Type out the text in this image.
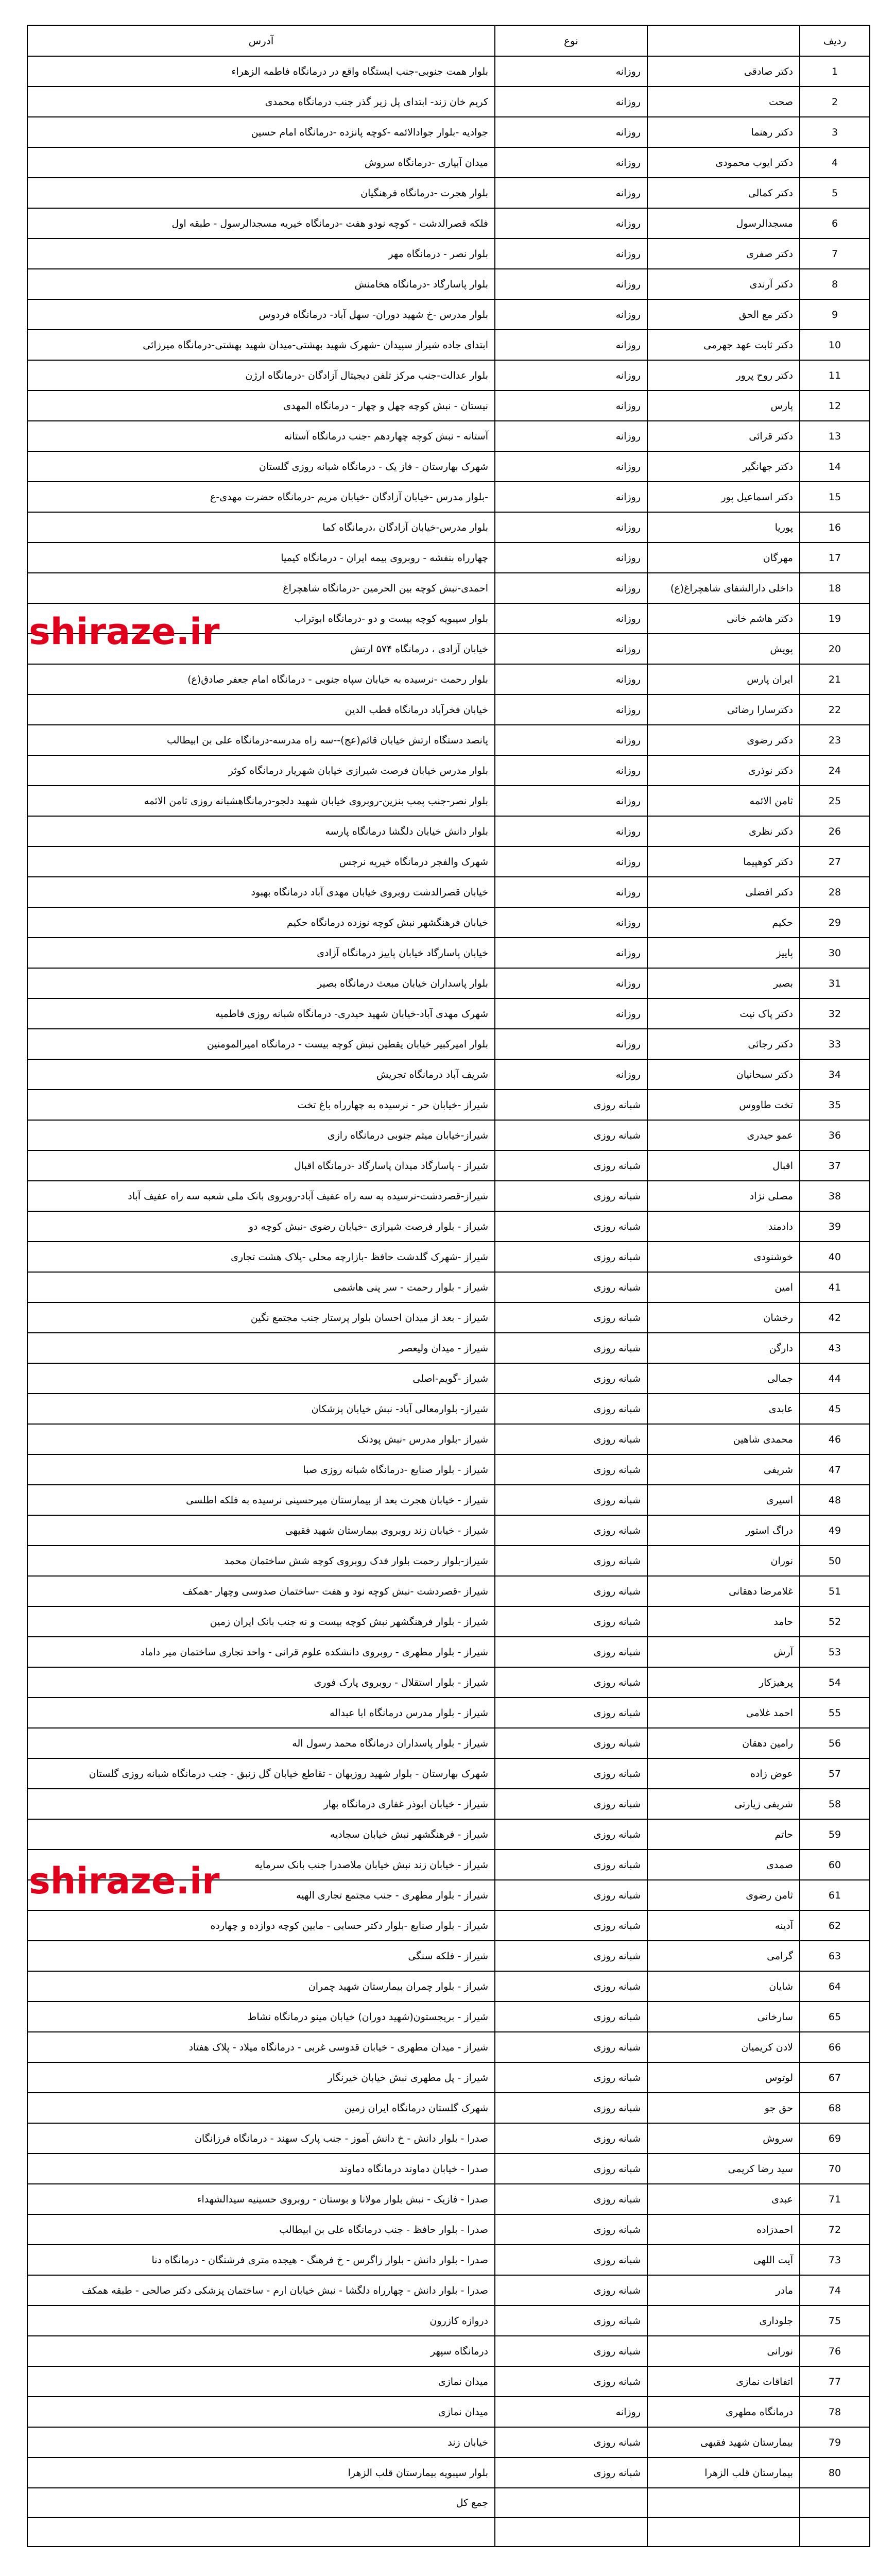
ردیف		نوع	آدرس
1	دکتر صادقی	روزانه	بلوار همت جنوبی-جنب ایستگاه واقع در درمانگاه فاطمه الزهراء
2	صحت	روزانه	کریم خان زند- ابتدای پل زیر گذر جنب درمانگاه محمدی
3	دکتر رهنما	روزانه	جوادیه -بلوار جوادالائمه -کوچه پانزده -درمانگاه امام حسین
4	دکتر ایوب محمودی	روزانه	میدان آبیاری -درمانگاه سروش
5	دکتر کمالی	روزانه	بلوار هجرت -درمانگاه فرهنگیان
6	مسجدالرسول	روزانه	فلکه قصرالدشت - کوچه نودو هفت -درمانگاه خیریه مسجدالرسول - طبقه اول
7	دکتر صفری	روزانه	بلوار نصر - درمانگاه مهر
8	دکتر آرندی	روزانه	بلوار پاسارگاد -درمانگاه هخامنش
9	دکتر مع الحق	روزانه	بلوار مدرس -خ شهید دوران- سهل آباد- درمانگاه فردوس
10	دکتر ثابت عهد جهرمی	روزانه	ابتدای جاده شیراز سپیدان -شهرک شهید بهشتی-میدان شهید بهشتی-درمانگاه میرزائی
11	دکتر روح پرور	روزانه	بلوار عدالت-جنب مرکز تلفن دیجیتال آزادگان -درمانگاه ارژن
12	پارس	روزانه	نیستان - نبش کوچه چهل و چهار - درمانگاه المهدی
13	دکتر قرائی	روزانه	آستانه - نبش کوچه چهاردهم -جنب درمانگاه آستانه
14	دکتر جهانگیر	روزانه	شهرک بهارستان - فاز یک - درمانگاه شبانه روزی گلستان
15	دکتر اسماعیل پور	روزانه	-بلوار مدرس -خیابان آزادگان -خیابان مریم -درمانگاه حضرت مهدی-ع
16	پوریا	روزانه	بلوار مدرس-خیابان آزادگان ،درمانگاه کما
17	مهرگان	روزانه	چهارراه بنفشه - روبروی بیمه ایران - درمانگاه کیمیا
18	داخلی دارالشفای شاهچراغ(ع)	روزانه	احمدی-نبش کوچه بین الحرمین -درمانگاه شاهچراغ
19	دکتر هاشم خانی	روزانه	بلوار سیبویه کوچه بیست و دو -درمانگاه ابوتراب
20	پویش	روزانه	خیابان آزادی ، درمانگاه ۵۷۴ ارتش
21	ایران پارس	روزانه	بلوار رحمت -نرسیده به خیابان سپاه جنوبی - درمانگاه امام جعفر صادق(ع)
22	دکترسارا رضائی	روزانه	خیابان فخرآباد درمانگاه قطب الدین
23	دکتر رضوی	روزانه	پانصد دستگاه ارتش خیابان قائم(عج)--سه راه مدرسه-درمانگاه علی بن ابیطالب
24	دکتر نوذری	روزانه	بلوار مدرس خیابان فرصت شیرازی خیابان شهریار درمانگاه کوثر
25	ثامن الائمه	روزانه	بلوار نصر-جنب پمپ بنزین-روبروی خیابان شهید دلجو-درمانگاهشبانه روزی ثامن الائمه
26	دکتر نظری	روزانه	بلوار دانش خیابان دلگشا درمانگاه پارسه
27	دکتر کوهپیما	روزانه	شهرک والفجر درمانگاه خیریه نرجس
28	دکتر افضلی	روزانه	خیابان قصرالدشت روبروی خیابان مهدی آباد درمانگاه بهبود
29	حکیم	روزانه	خیابان فرهنگشهر نبش کوچه نوزده درمانگاه حکیم
30	پاییز	روزانه	خیابان پاسارگاد خیابان پاییز درمانگاه آزادی
31	بصیر	روزانه	بلوار پاسداران خیابان مبعث درمانگاه بصیر
32	دکتر پاک نیت	روزانه	شهرک مهدی آباد-خیابان شهید حیدری- درمانگاه شبانه روزی فاطمیه
33	دکتر رجائی	روزانه	بلوار امیرکبیر خیابان یقطین نبش کوچه بیست - درمانگاه امیرالمومنین
34	دکتر سبحانیان	روزانه	شریف آباد درمانگاه تجریش
35	تخت طاووس	شبانه روزی	شیراز -خیابان حر - نرسیده به چهارراه باغ تخت
36	عمو حیدری	شبانه روزی	شیراز-خیابان میثم جنوبی درمانگاه رازی
37	اقبال	شبانه روزی	شیراز - پاسارگاد میدان پاسارگاد -درمانگاه اقبال
38	مصلی نژاد	شبانه روزی	شیراز-قصردشت-نرسیده به سه راه عفیف آباد-روبروی بانک ملی شعبه سه راه عفیف آباد
39	دادمند	شبانه روزی	شیراز - بلوار فرصت شیرازی -خیابان رضوی -نبش کوچه دو
40	خوشنودی	شبانه روزی	شیراز -شهرک گلدشت حافظ -بازارچه محلی -پلاک هشت تجاری
41	امین	شبانه روزی	شیراز - بلوار رحمت - سر پنی هاشمی
42	رخشان	شبانه روزی	شیراز - بعد از میدان احسان بلوار پرستار جنب مجتمع نگین
43	دارگن	شبانه روزی	شیراز - میدان ولیعصر
44	جمالی	شبانه روزی	شیراز -گویم-اصلی
45	عابدی	شبانه روزی	شیراز- بلوارمعالی آباد- نبش خیابان پزشکان
46	محمدی شاهین	شبانه روزی	شیراز -بلوار مدرس -نبش پودنک
47	شریفی	شبانه روزی	شیراز - بلوار صنایع -درمانگاه شبانه روزی صبا
48	اسیری	شبانه روزی	شیراز - خیابان هجرت بعد از بیمارستان میرحسینی نرسیده به فلکه اطلسی
49	دراگ استور	شبانه روزی	شیراز - خیابان زند روبروی بیمارستان شهید فقیهی
50	نوران	شبانه روزی	شیراز-بلوار رحمت بلوار فدک روبروی کوچه شش ساختمان محمد
51	غلامرضا دهقانی	شبانه روزی	شیراز -قصردشت -نبش کوچه نود و هفت -ساختمان صدوسی وچهار -همکف
52	حامد	شبانه روزی	شیراز - بلوار فرهنگشهر نبش کوچه بیست و نه جنب بانک ایران زمین
53	آرش	شبانه روزی	شیراز - بلوار مطهری - روبروی دانشکده علوم قرانی - واحد تجاری ساختمان میر داماد
54	پرهیزکار	شبانه روزی	شیراز - بلوار استقلال - روبروی پارک فوری
55	احمد غلامی	شبانه روزی	شیراز - بلوار مدرس درمانگاه ابا عبداله
56	رامین دهقان	شبانه روزی	شیراز - بلوار پاسداران درمانگاه محمد رسول اله
57	عوض زاده	شبانه روزی	شهرک بهارستان - بلوار شهید روزبهان - تقاطع خیابان گل زنبق - جنب درمانگاه شبانه روزی گلستان
58	شریفی زیارتی	شبانه روزی	شیراز - خیابان ابوذر غفاری درمانگاه بهار
59	حاتم	شبانه روزی	شیراز - فرهنگشهر نبش خیابان سجادیه
60	صمدی	شبانه روزی	شیراز - خیابان زند نبش خیابان ملاصدرا جنب بانک سرمایه
61	ثامن رضوی	شبانه روزی	شیراز - بلوار مطهری - جنب مجتمع تجاری الهیه
62	آدینه	شبانه روزی	شیراز - بلوار صنایع -بلوار دکتر حسابی - مابین کوچه دوازده و چهارده
63	گرامی	شبانه روزی	شیراز - فلکه سنگی
64	شایان	شبانه روزی	شیراز - بلوار چمران بیمارستان شهید چمران
65	سارخانی	شبانه روزی	شیراز - بریجستون(شهید دوران) خیابان مینو درمانگاه نشاط
66	لادن کریمیان	شبانه روزی	شیراز - میدان مطهری - خیابان قدوسی غربی - درمانگاه میلاد - پلاک هفتاد
67	لوتوس	شبانه روزی	شیراز - پل مطهری نبش خیابان خیرنگار
68	حق جو	شبانه روزی	شهرک گلستان درمانگاه ایران زمین
69	سروش	شبانه روزی	صدرا - بلوار دانش - خ دانش آموز - جنب پارک سهند - درمانگاه فرزانگان
70	سید رضا کریمی	شبانه روزی	صدرا - خیابان دماوند درمانگاه دماوند
71	عبدی	شبانه روزی	صدرا - فازیک - نبش بلوار مولانا و بوستان - روبروی حسینیه سیدالشهداء
72	احمدزاده	شبانه روزی	صدرا - بلوار حافظ - جنب درمانگاه علی بن ابیطالب
73	آیت اللهی	شبانه روزی	صدرا - بلوار دانش - بلوار زاگرس - خ فرهنگ - هیجده متری فرشتگان - درمانگاه دنا
74	مادر	شبانه روزی	صدرا - بلوار دانش - چهارراه دلگشا - نبش خیابان ارم - ساختمان پزشکی دکتر صالحی - طبقه همکف
75	جلودارى	شبانه روزی	دروازه کازرون
76	نورانی	شبانه روزی	درمانگاه سپهر
77	اتفاقات نمازی	شبانه روزی	میدان نمازی
78	درمانگاه مطهری	روزانه	میدان نمازی
79	بیمارستان شهید فقیهی	شبانه روزی	خیابان زند
80	بیمارستان قلب الزهرا	شبانه روزی	بلوار سیبویه بیمارستان قلب الزهرا
			جمع کل

shiraze.ir
shiraze.ir
